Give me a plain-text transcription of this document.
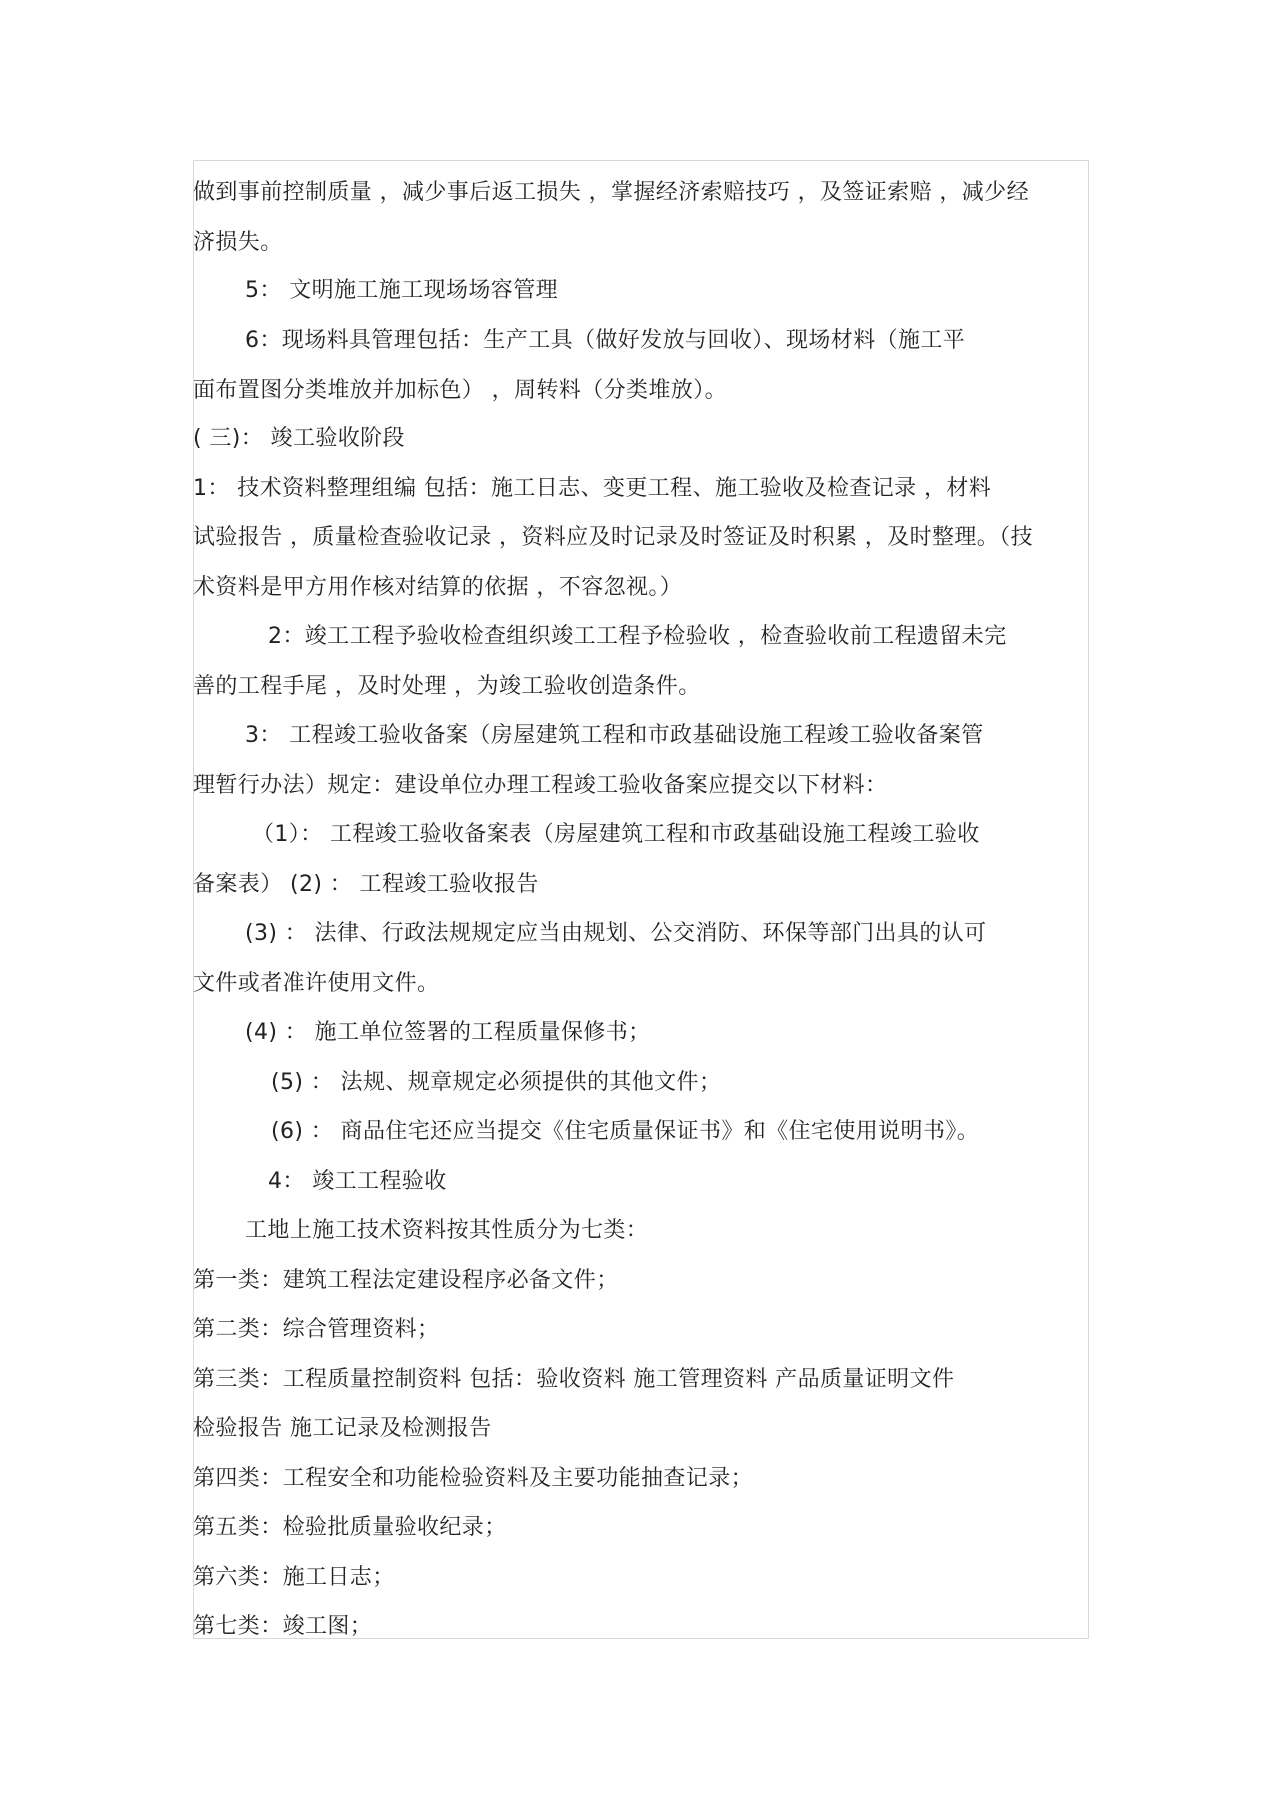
做到事前控制质量 ，减少事后返工损失 ，掌握经济索赔技巧 ，及签证索赔 ，减少经
济损失。
5： 文明施工施工现场场容管理
6：现场料具管理包括：生产工具（做好发放与回收）、现场材料（施工平
面布置图分类堆放并加标色） ，周转料（分类堆放）。
( 三)： 竣工验收阶段
1： 技术资料整理组编 包括：施工日志、变更工程、施工验收及检查记录 ，材料
试验报告 ，质量检查验收记录 ，资料应及时记录及时签证及时积累 ，及时整理。（技
术资料是甲方用作核对结算的依据 ，不容忽视。）
2：竣工工程予验收检查组织竣工工程予检验收 ，检查验收前工程遗留未完
善的工程手尾 ，及时处理 ，为竣工验收创造条件。
3： 工程竣工验收备案（房屋建筑工程和市政基础设施工程竣工验收备案管
理暂行办法）规定：建设单位办理工程竣工验收备案应提交以下材料：
（1）： 工程竣工验收备案表（房屋建筑工程和市政基础设施工程竣工验收
备案表） (2) ： 工程竣工验收报告
(3) ： 法律、行政法规规定应当由规划、公交消防、环保等部门出具的认可
文件或者准许使用文件。
(4) ： 施工单位签署的工程质量保修书；
(5) ： 法规、规章规定必须提供的其他文件；
(6) ： 商品住宅还应当提交《住宅质量保证书》和《住宅使用说明书》。
4： 竣工工程验收
工地上施工技术资料按其性质分为七类：
第一类：建筑工程法定建设程序必备文件；
第二类：综合管理资料；
第三类：工程质量控制资料 包括：验收资料 施工管理资料 产品质量证明文件
检验报告 施工记录及检测报告
第四类：工程安全和功能检验资料及主要功能抽查记录；
第五类：检验批质量验收纪录；
第六类：施工日志；
第七类：竣工图；
